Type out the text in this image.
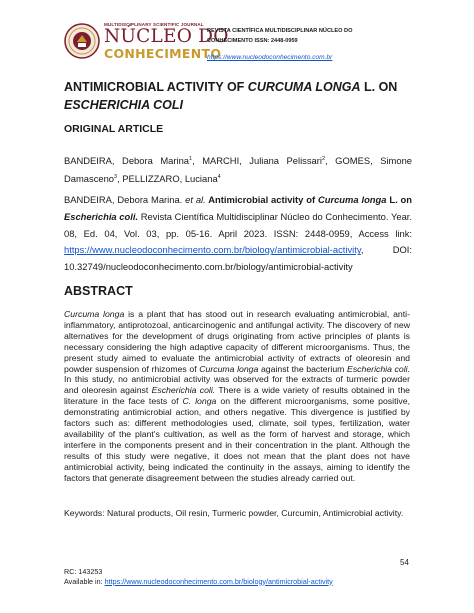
MULTIDISCIPLINARY SCIENTIFIC JOURNAL
NÚCLEO DO
CONHECIMENTO
REVISTA CIENTÍFICA MULTIDISCIPLINAR NÚCLEO DO
CONHECIMENTO ISSN: 2448-0959
https://www.nucleodoconhecimento.com.br
ANTIMICROBIAL ACTIVITY OF CURCUMA LONGA L. ON
ESCHERICHIA COLI
ORIGINAL ARTICLE
BANDEIRA, Debora Marina$^1$, MARCHI, Juliana Pelissari$^2$, GOMES, Simone Damasceno$^3$, PELLIZZARO, Luciana$^4$
BANDEIRA, Debora Marina. et al. Antimicrobial activity of Curcuma longa L. on Escherichia coli. Revista Científica Multidisciplinar Núcleo do Conhecimento. Year. 08, Ed. 04, Vol. 03, pp. 05-16. April 2023. ISSN: 2448-0959, Access link: https://www.nucleodoconhecimento.com.br/biology/antimicrobial-activity, DOI: 10.32749/nucleodoconhecimento.com.br/biology/antimicrobial-activity
ABSTRACT
Curcuma longa is a plant that has stood out in research evaluating antimicrobial, anti-inflammatory, antiprotozoal, anticarcinogenic and antifungal activity. The discovery of new alternatives for the development of drugs originating from active principles of plants is necessary considering the high adaptive capacity of different microorganisms. Thus, the present study aimed to evaluate the antimicrobial activity of extracts of oleoresin and powder suspension of rhizomes of Curcuma longa against the bacterium Escherichia coli. In this study, no antimicrobial activity was observed for the extracts of turmeric powder and oleoresin against Escherichia coli. There is a wide variety of results obtained in the literature in the face tests of C. longa on the different microorganisms, some positive, demonstrating antimicrobial action, and others negative. This divergence is justified by factors such as: different methodologies used, climate, soil types, fertilization, water availability of the plant's cultivation, as well as the form of harvest and storage, which interfere in the components present and in their concentration in the plant. Although the results of this study were negative, it does not mean that the plant does not have antimicrobial activity, being indicated the continuity in the assays, aiming to identify the factors that generate disagreement between the studies already carried out.
Keywords: Natural products, Oil resin, Turmeric powder, Curcumin, Antimicrobial activity.
54
RC: 143253
Available in: https://www.nucleodoconhecimento.com.br/biology/antimicrobial-activity
